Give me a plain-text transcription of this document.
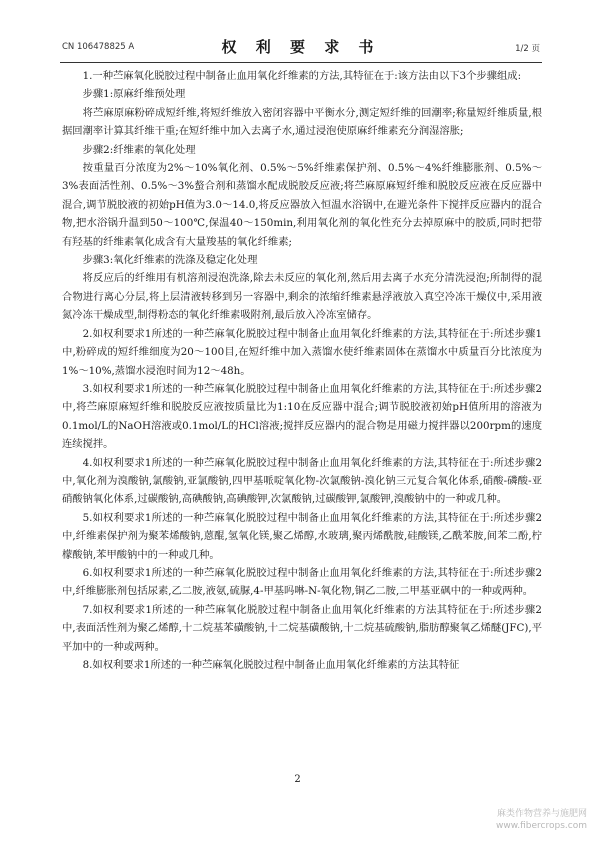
CN 106478825 A	权 利 要 求 书	1/2 页

1.一种苎麻氧化脱胶过程中制备止血用氧化纤维素的方法,其特征在于:该方法由以下3个步骤组成:

步骤1:原麻纤维预处理

将苎麻原麻粉碎成短纤维,将短纤维放入密闭容器中平衡水分,测定短纤维的回潮率;称量短纤维质量,根据回潮率计算其纤维干重;在短纤维中加入去离子水,通过浸泡使原麻纤维素充分润湿溶胀;

步骤2:纤维素的氧化处理

按重量百分浓度为2%～10%氧化剂、0.5%～5%纤维素保护剂、0.5%～4%纤维膨胀剂、0.5%～3%表面活性剂、0.5%～3%螯合剂和蒸馏水配成脱胶反应液;将苎麻原麻短纤维和脱胶反应液在反应器中混合,调节脱胶液的初始pH值为3.0～14.0,将反应器放入恒温水浴锅中,在避光条件下搅拌反应器内的混合物,把水浴锅升温到50～100℃,保温40～150min,利用氧化剂的氧化性充分去掉原麻中的胶质,同时把带有羟基的纤维素氧化成含有大量羧基的氧化纤维素;

步骤3:氧化纤维素的洗涤及稳定化处理

将反应后的纤维用有机溶剂浸泡洗涤,除去未反应的氧化剂,然后用去离子水充分清洗浸泡;所制得的混合物进行离心分层,将上层清液转移到另一容器中,剩余的浓缩纤维素悬浮液放入真空冷冻干燥仪中,采用液氮冷冻干燥成型,制得粉态的氧化纤维素吸附剂,最后放入冷冻室储存。

2.如权利要求1所述的一种苎麻氧化脱胶过程中制备止血用氧化纤维素的方法,其特征在于:所述步骤1中,粉碎成的短纤维细度为20～100目,在短纤维中加入蒸馏水使纤维素固体在蒸馏水中质量百分比浓度为1%～10%,蒸馏水浸泡时间为12～48h。

3.如权利要求1所述的一种苎麻氧化脱胶过程中制备止血用氧化纤维素的方法,其特征在于:所述步骤2中,将苎麻原麻短纤维和脱胶反应液按质量比为1:10在反应器中混合;调节脱胶液初始pH值所用的溶液为0.1mol/L的NaOH溶液或0.1mol/L的HCl溶液;搅拌反应器内的混合物是用磁力搅拌器以200rpm的速度连续搅拌。

4.如权利要求1所述的一种苎麻氧化脱胶过程中制备止血用氧化纤维素的方法,其特征在于:所述步骤2中,氧化剂为溴酸钠,氯酸钠,亚氯酸钠,四甲基哌啶氧化物-次氯酸钠-溴化钠三元复合氧化体系,硝酸-磷酸-亚硝酸钠氧化体系,过碳酸钠,高碘酸钠,高碘酸钾,次氯酸钠,过碳酸钾,氯酸钾,溴酸钠中的一种或几种。

5.如权利要求1所述的一种苎麻氧化脱胶过程中制备止血用氧化纤维素的方法,其特征在于:所述步骤2中,纤维素保护剂为聚苯烯酸钠,蒽醌,氢氧化镁,聚乙烯醇,水玻璃,聚丙烯酰胺,硅酸镁,乙酰苯胺,间苯二酚,柠檬酸钠,苯甲酸钠中的一种或几种。

6.如权利要求1所述的一种苎麻氧化脱胶过程中制备止血用氧化纤维素的方法,其特征在于:所述步骤2中,纤维膨胀剂包括尿素,乙二胺,液氨,硫脲,4-甲基吗啉-N-氧化物,铜乙二胺,二甲基亚砜中的一种或两种。

7.如权利要求1所述的一种苎麻氧化脱胶过程中制备止血用氧化纤维素的方法其特征在于:所述步骤2中,表面活性剂为聚乙烯醇,十二烷基苯磺酸钠,十二烷基磺酸钠,十二烷基硫酸钠,脂肪醇聚氧乙烯醚(JFC),平平加中的一种或两种。

8.如权利要求1所述的一种苎麻氧化脱胶过程中制备止血用氧化纤维素的方法其特征

2
麻类作物营养与施肥网
www.fibercrops.com
